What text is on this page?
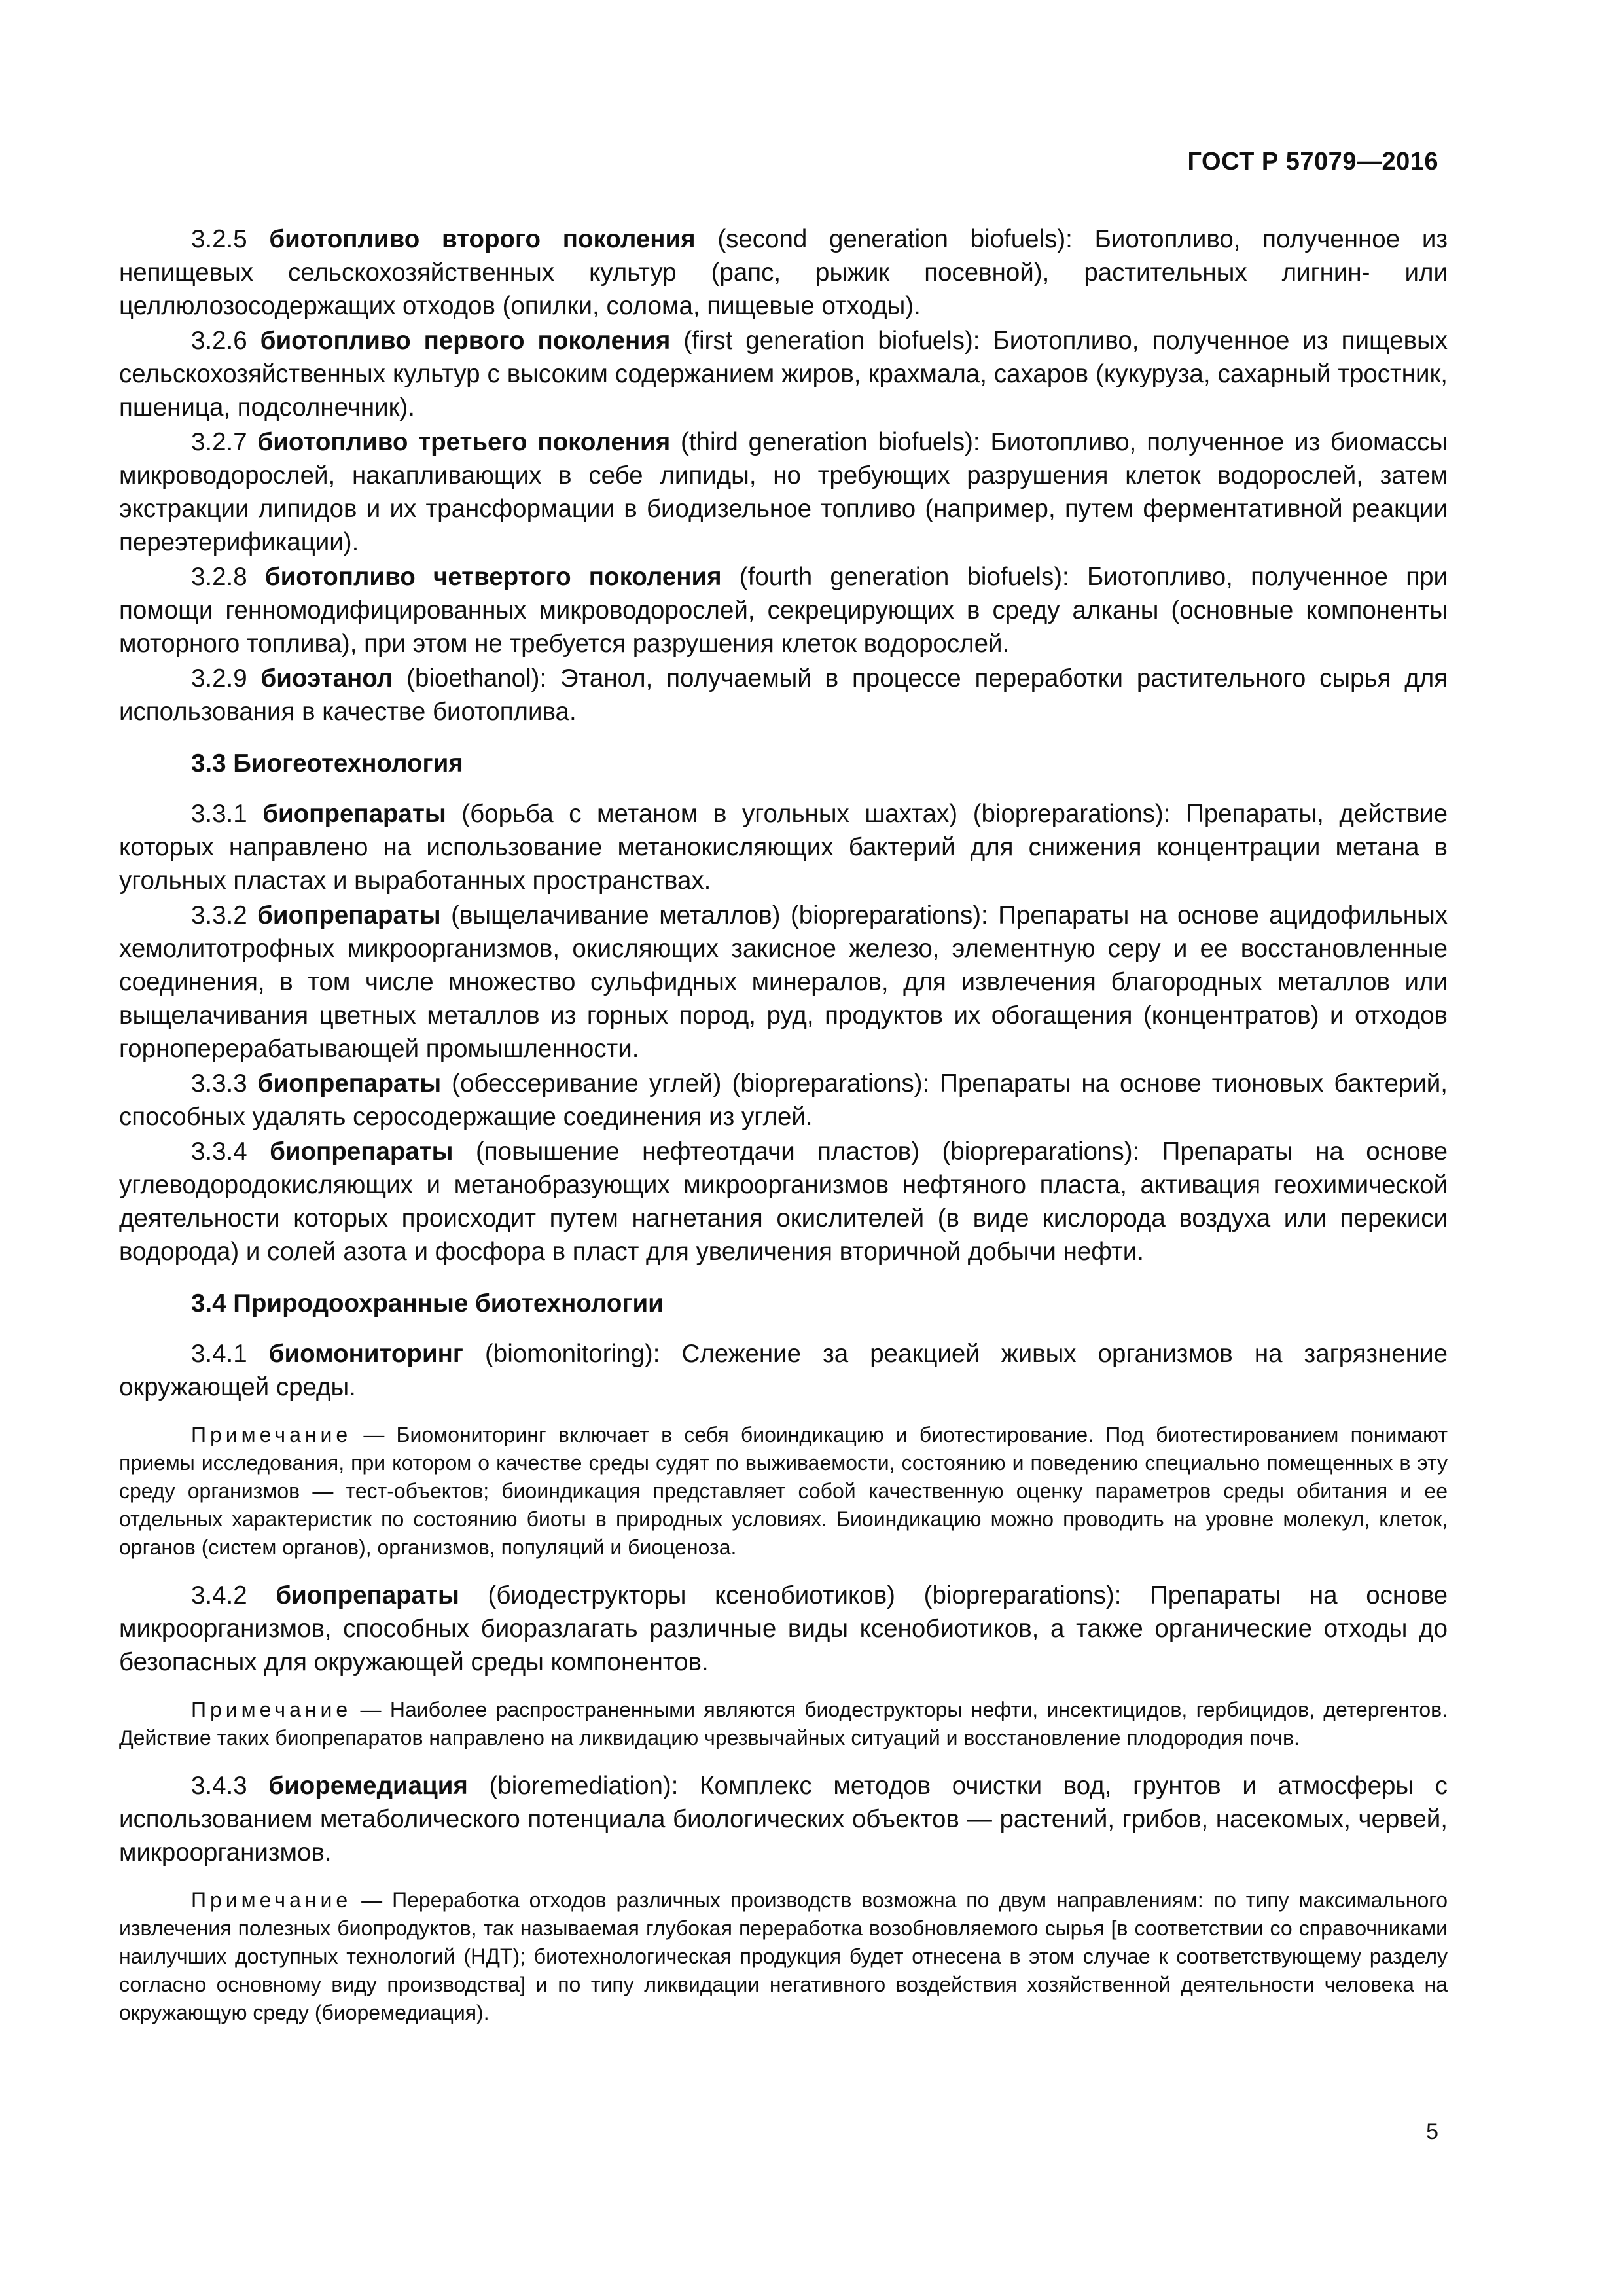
ГОСТ Р 57079—2016

3.2.5 биотопливо второго поколения (second generation biofuels): Биотопливо, полученное из непищевых сельскохозяйственных культур (рапс, рыжик посевной), растительных лигнин- или целлюлозосодержащих отходов (опилки, солома, пищевые отходы).

3.2.6 биотопливо первого поколения (first generation biofuels): Биотопливо, полученное из пищевых сельскохозяйственных культур с высоким содержанием жиров, крахмала, сахаров (кукуруза, сахарный тростник, пшеница, подсолнечник).

3.2.7 биотопливо третьего поколения (third generation biofuels): Биотопливо, полученное из биомассы микроводорослей, накапливающих в себе липиды, но требующих разрушения клеток водорослей, затем экстракции липидов и их трансформации в биодизельное топливо (например, путем ферментативной реакции переэтерификации).

3.2.8 биотопливо четвертого поколения (fourth generation biofuels): Биотопливо, полученное при помощи генномодифицированных микроводорослей, секрецирующих в среду алканы (основные компоненты моторного топлива), при этом не требуется разрушения клеток водорослей.

3.2.9 биоэтанол (bioethanol): Этанол, получаемый в процессе переработки растительного сырья для использования в качестве биотоплива.

3.3 Биогеотехнология

3.3.1 биопрепараты (борьба с метаном в угольных шахтах) (biopreparations): Препараты, действие которых направлено на использование метанокисляющих бактерий для снижения концентрации метана в угольных пластах и выработанных пространствах.

3.3.2 биопрепараты (выщелачивание металлов) (biopreparations): Препараты на основе ацидофильных хемолитотрофных микроорганизмов, окисляющих закисное железо, элементную серу и ее восстановленные соединения, в том числе множество сульфидных минералов, для извлечения благородных металлов или выщелачивания цветных металлов из горных пород, руд, продуктов их обогащения (концентратов) и отходов горноперерабатывающей промышленности.

3.3.3 биопрепараты (обессеривание углей) (biopreparations): Препараты на основе тионовых бактерий, способных удалять серосодержащие соединения из углей.

3.3.4 биопрепараты (повышение нефтеотдачи пластов) (biopreparations): Препараты на основе углеводородокисляющих и метанобразующих микроорганизмов нефтяного пласта, активация геохимической деятельности которых происходит путем нагнетания окислителей (в виде кислорода воздуха или перекиси водорода) и солей азота и фосфора в пласт для увеличения вторичной добычи нефти.

3.4 Природоохранные биотехнологии

3.4.1 биомониторинг (biomonitoring): Слежение за реакцией живых организмов на загрязнение окружающей среды.

Примечание — Биомониторинг включает в себя биоиндикацию и биотестирование. Под биотестированием понимают приемы исследования, при котором о качестве среды судят по выживаемости, состоянию и поведению специально помещенных в эту среду организмов — тест-объектов; биоиндикация представляет собой качественную оценку параметров среды обитания и ее отдельных характеристик по состоянию биоты в природных условиях. Биоиндикацию можно проводить на уровне молекул, клеток, органов (систем органов), организмов, популяций и биоценоза.

3.4.2 биопрепараты (биодеструкторы ксенобиотиков) (biopreparations): Препараты на основе микроорганизмов, способных биоразлагать различные виды ксенобиотиков, а также органические отходы до безопасных для окружающей среды компонентов.

Примечание — Наиболее распространенными являются биодеструкторы нефти, инсектицидов, гербицидов, детергентов. Действие таких биопрепаратов направлено на ликвидацию чрезвычайных ситуаций и восстановление плодородия почв.

3.4.3 биоремедиация (bioremediation): Комплекс методов очистки вод, грунтов и атмосферы с использованием метаболического потенциала биологических объектов — растений, грибов, насекомых, червей, микроорганизмов.

Примечание — Переработка отходов различных производств возможна по двум направлениям: по типу максимального извлечения полезных биопродуктов, так называемая глубокая переработка возобновляемого сырья [в соответствии со справочниками наилучших доступных технологий (НДТ); биотехнологическая продукция будет отнесена в этом случае к соответствующему разделу согласно основному виду производства] и по типу ликвидации негативного воздействия хозяйственной деятельности человека на окружающую среду (биоремедиация).

5
